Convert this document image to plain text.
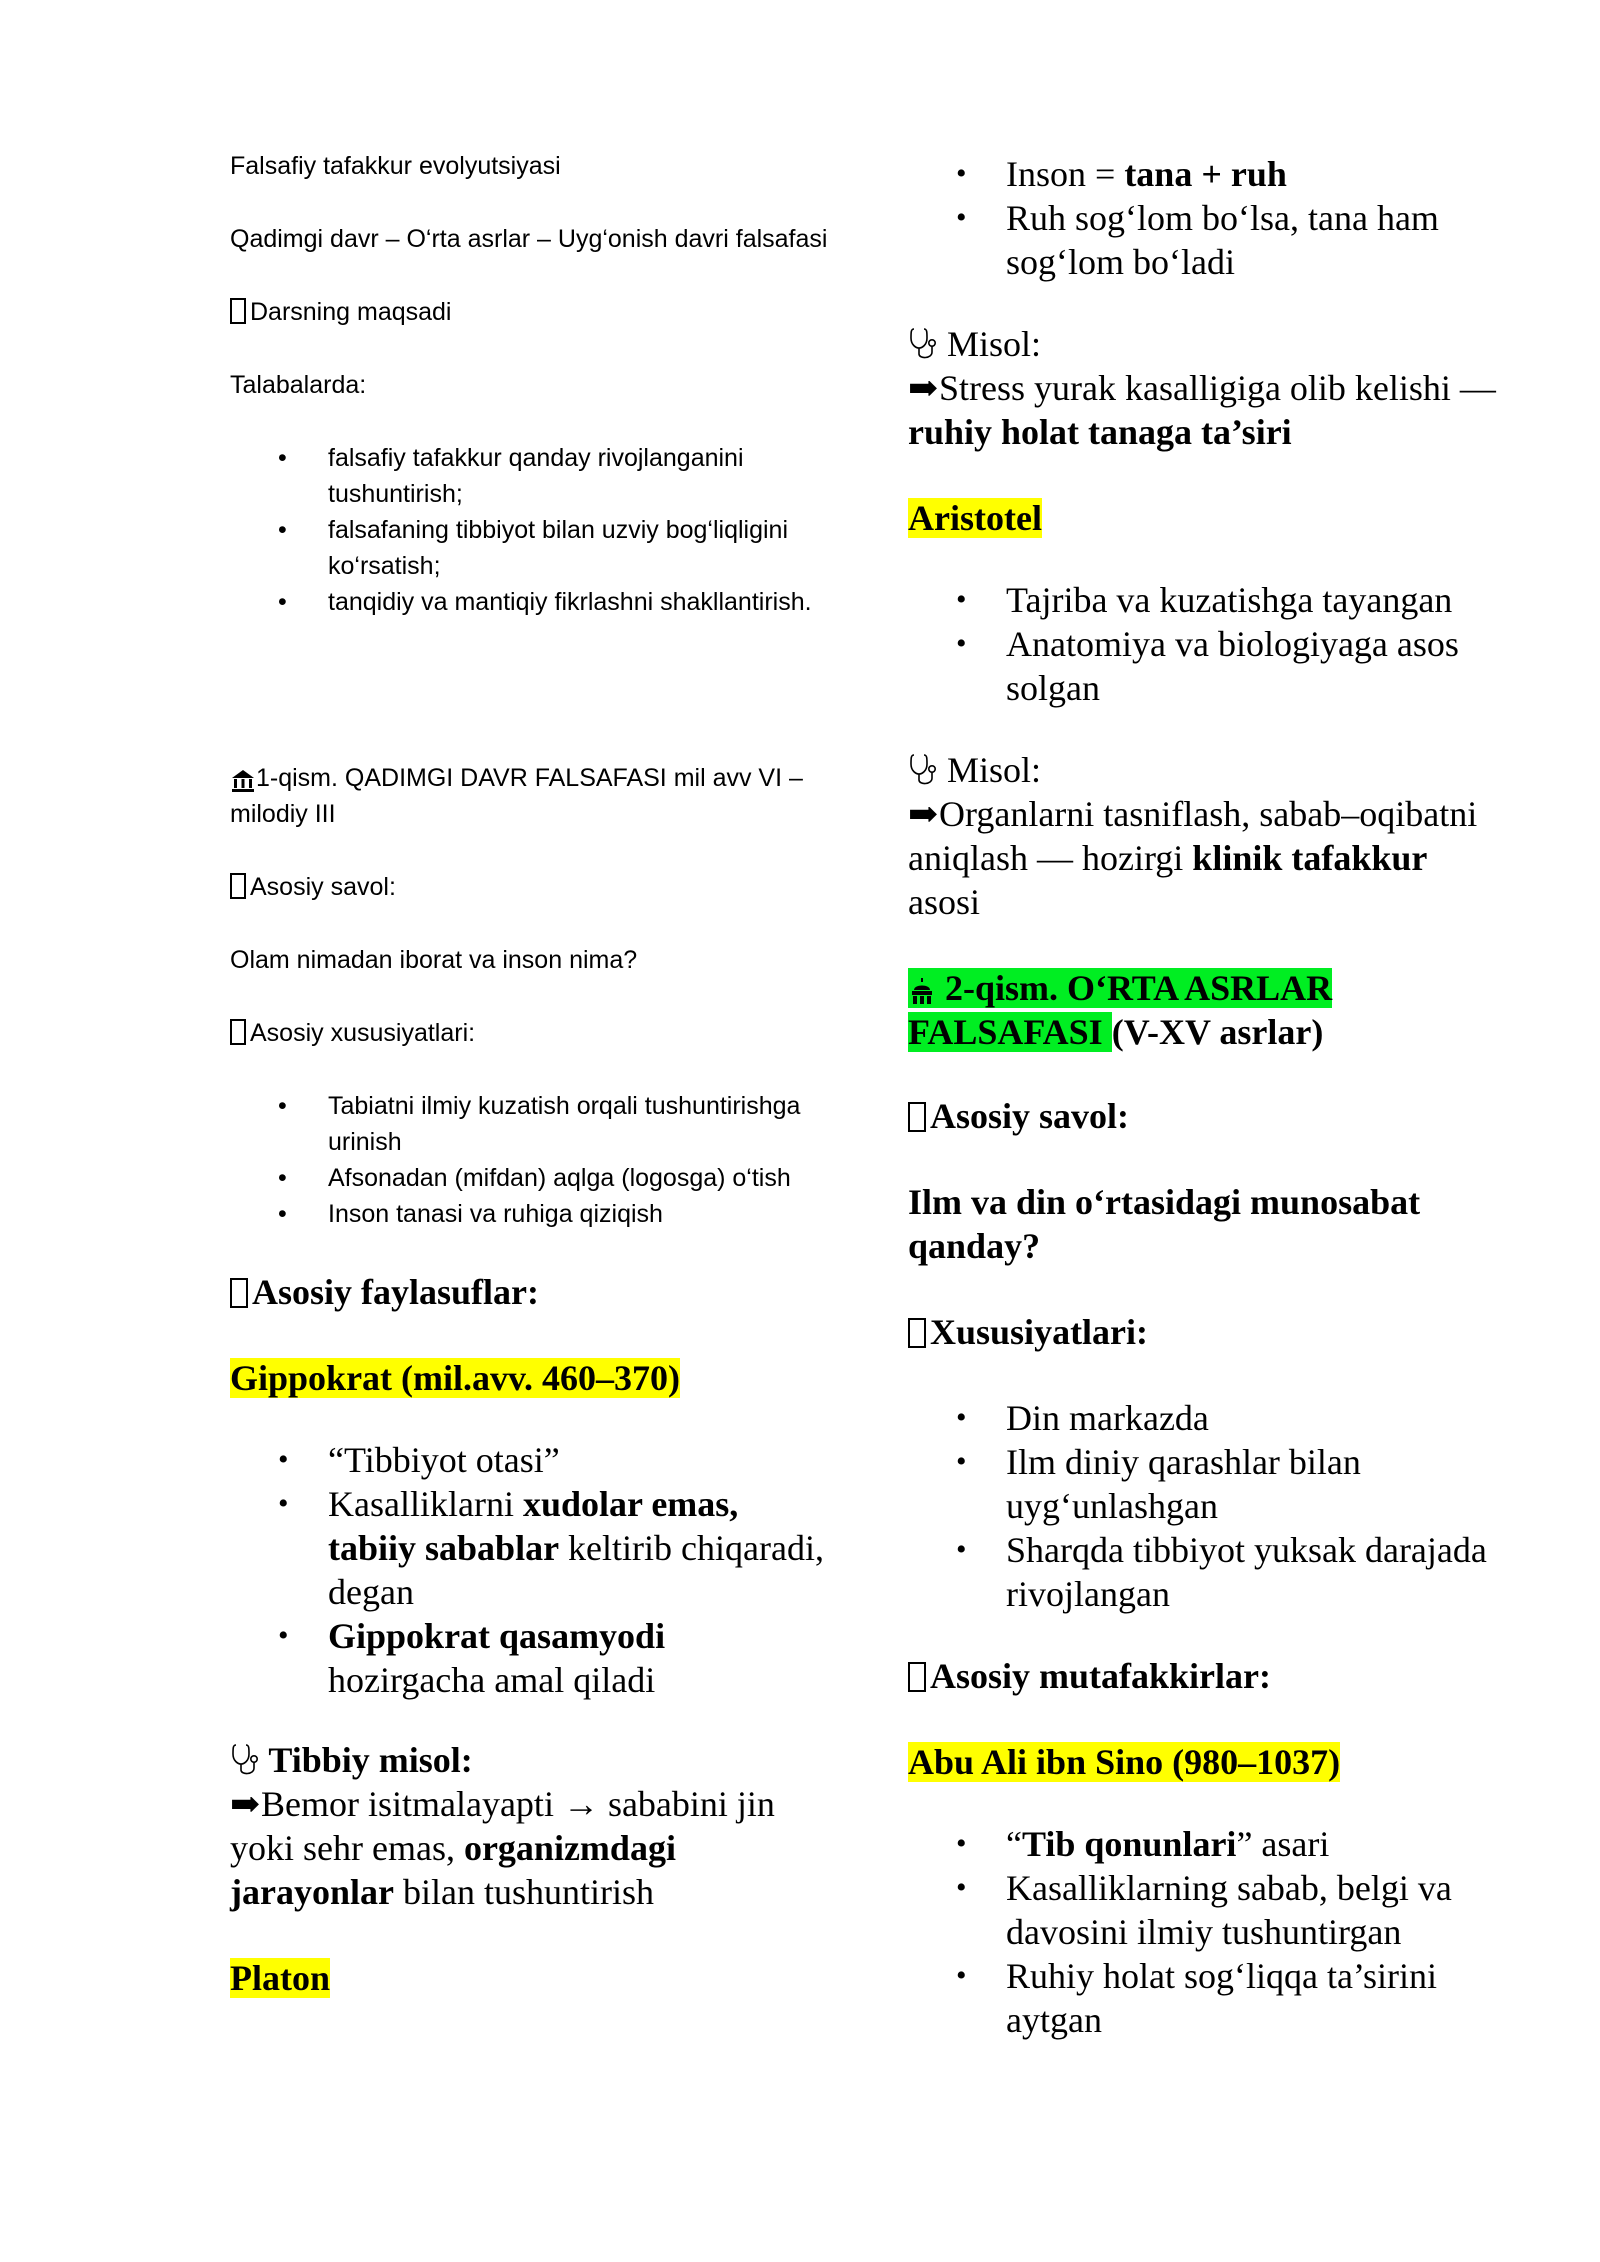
Falsafiy tafakkur evolyutsiyasi

Qadimgi davr – O‘rta asrlar – Uyg‘onish davri falsafasi

Darsning maqsadi

Talabalarda:

• falsafiy tafakkur qanday rivojlanganini tushuntirish;
• falsafaning tibbiyot bilan uzviy bog‘liqligini ko‘rsatish;
• tanqidiy va mantiqiy fikrlashni shakllantirish.

1-qism. QADIMGI DAVR FALSAFASI mil avv VI – milodiy III

Asosiy savol:

Olam nimadan iborat va inson nima?

Asosiy xususiyatlari:

• Tabiatni ilmiy kuzatish orqali tushuntirishga urinish
• Afsonadan (mifdan) aqlga (logosga) o‘tish
• Inson tanasi va ruhiga qiziqish

Asosiy faylasuflar:

Gippokrat (mil.avv. 460–370)

• “Tibbiyot otasi”
• Kasalliklarni xudolar emas, tabiiy sabablar keltirib chiqaradi, degan
• Gippokrat qasamyodi hozirgacha amal qiladi

Tibbiy misol:

➡ Bemor isitmalayapti → sababini jin yoki sehr emas, organizmdagi jarayonlar bilan tushuntirish

Platon

• Inson = tana + ruh
• Ruh sog‘lom bo‘lsa, tana ham sog‘lom bo‘ladi

Misol:

➡ Stress yurak kasalligiga olib kelishi — ruhiy holat tanaga ta’siri

Aristotel

• Tajriba va kuzatishga tayangan
• Anatomiya va biologiyaga asos solgan

Misol:

➡ Organlarni tasniflash, sabab–oqibatni aniqlash — hozirgi klinik tafakkur asosi

2-qism. O‘RTA ASRLAR FALSAFASI (V-XV asrlar)

Asosiy savol:

Ilm va din o‘rtasidagi munosabat qanday?

Xususiyatlari:

• Din markazda
• Ilm diniy qarashlar bilan uyg‘unlashgan
• Sharqda tibbiyot yuksak darajada rivojlangan

Asosiy mutafakkirlar:

Abu Ali ibn Sino (980–1037)

• “Tib qonunlari” asari
• Kasalliklarning sabab, belgi va davosini ilmiy tushuntirgan
• Ruhiy holat sog‘liqqa ta’sirini aytgan
